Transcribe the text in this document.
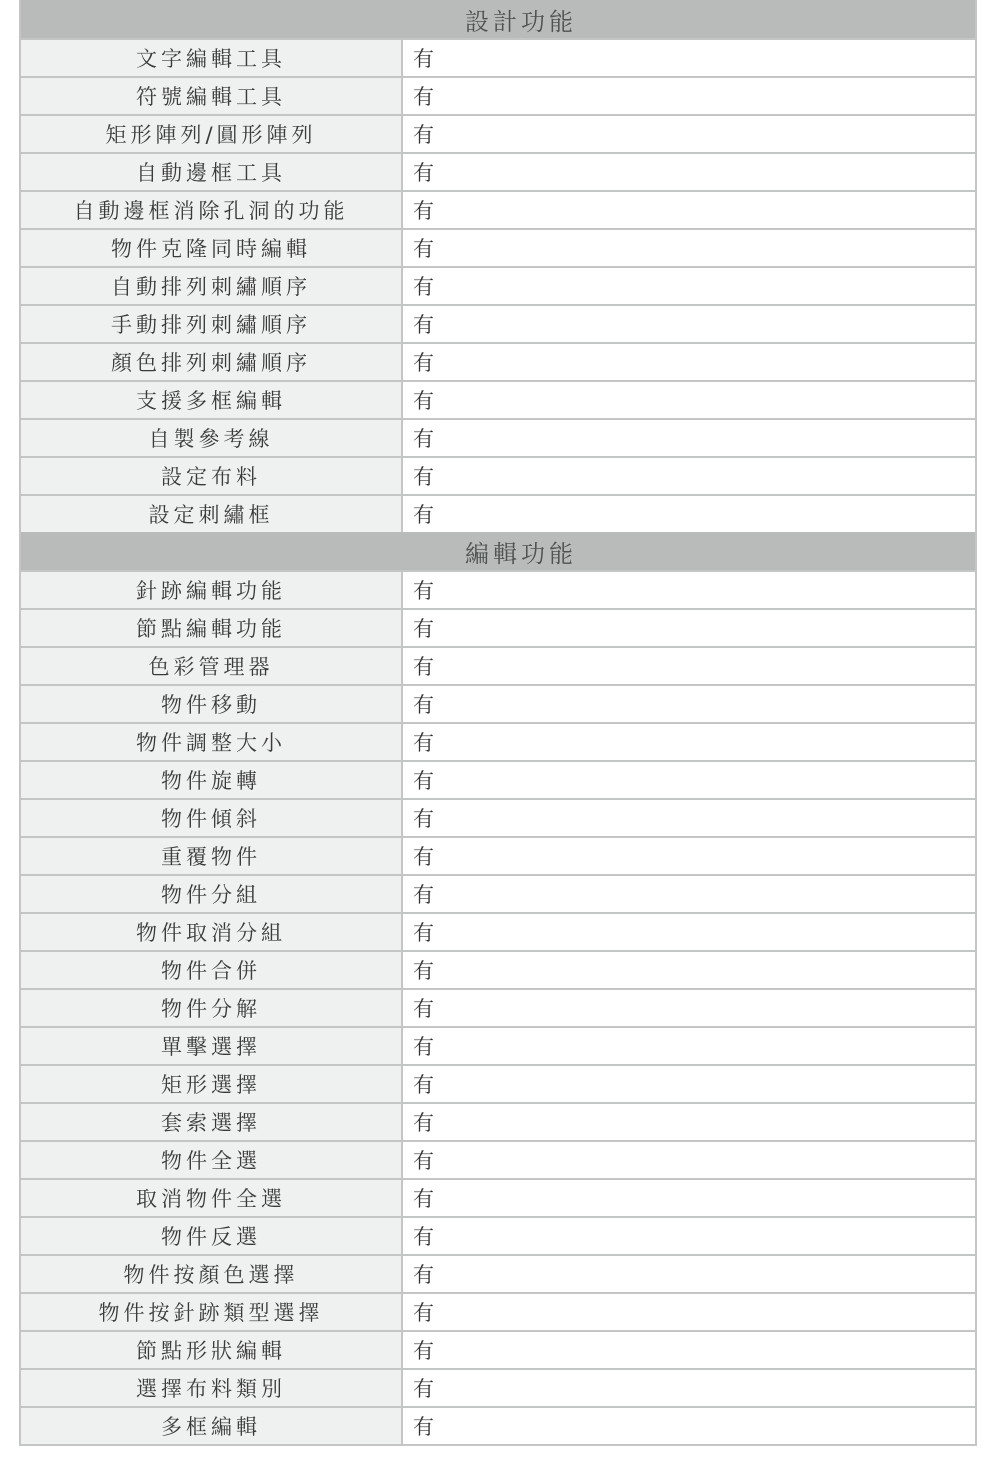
設計功能
文字編輯工具	有
符號編輯工具	有
矩形陣列/圓形陣列	有
自動邊框工具	有
自動邊框消除孔洞的功能	有
物件克隆同時編輯	有
自動排列刺繡順序	有
手動排列刺繡順序	有
顏色排列刺繡順序	有
支援多框編輯	有
自製參考線	有
設定布料	有
設定刺繡框	有
編輯功能
針跡編輯功能	有
節點編輯功能	有
色彩管理器	有
物件移動	有
物件調整大小	有
物件旋轉	有
物件傾斜	有
重覆物件	有
物件分組	有
物件取消分組	有
物件合併	有
物件分解	有
單擊選擇	有
矩形選擇	有
套索選擇	有
物件全選	有
取消物件全選	有
物件反選	有
物件按顏色選擇	有
物件按針跡類型選擇	有
節點形狀編輯	有
選擇布料類別	有
多框編輯	有
